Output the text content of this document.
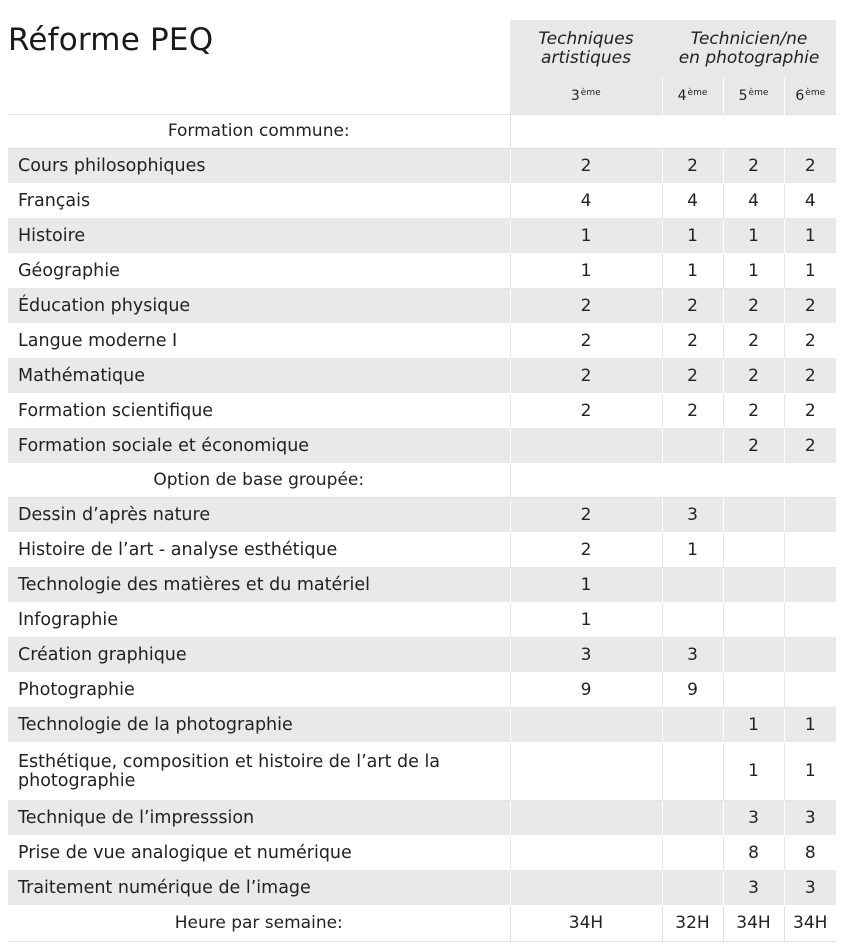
Réforme PEQ	Techniques artistiques	Technicien/ne en photographie		

	3ème	4ème	5ème	6ème
Formation commune:				
Cours philosophiques	2	2	2	2
Français	4	4	4	4
Histoire	1	1	1	1
Géographie	1	1	1	1
Éducation physique	2	2	2	2
Langue moderne I	2	2	2	2
Mathématique	2	2	2	2
Formation scientifique	2	2	2	2
Formation sociale et économique			2	2
Option de base groupée:				
Dessin d’après nature	2	3		
Histoire de l’art - analyse esthétique	2	1		
Technologie des matières et du matériel	1			
Infographie	1			
Création graphique	3	3		
Photographie	9	9		
Technologie de la photographie			1	1
Esthétique, composition et histoire de l’art de la photographie			1	1
Technique de l’impresssion			3	3
Prise de vue analogique et numérique			8	8
Traitement numérique de l’image			3	3
Heure par semaine:	34H	32H	34H	34H
